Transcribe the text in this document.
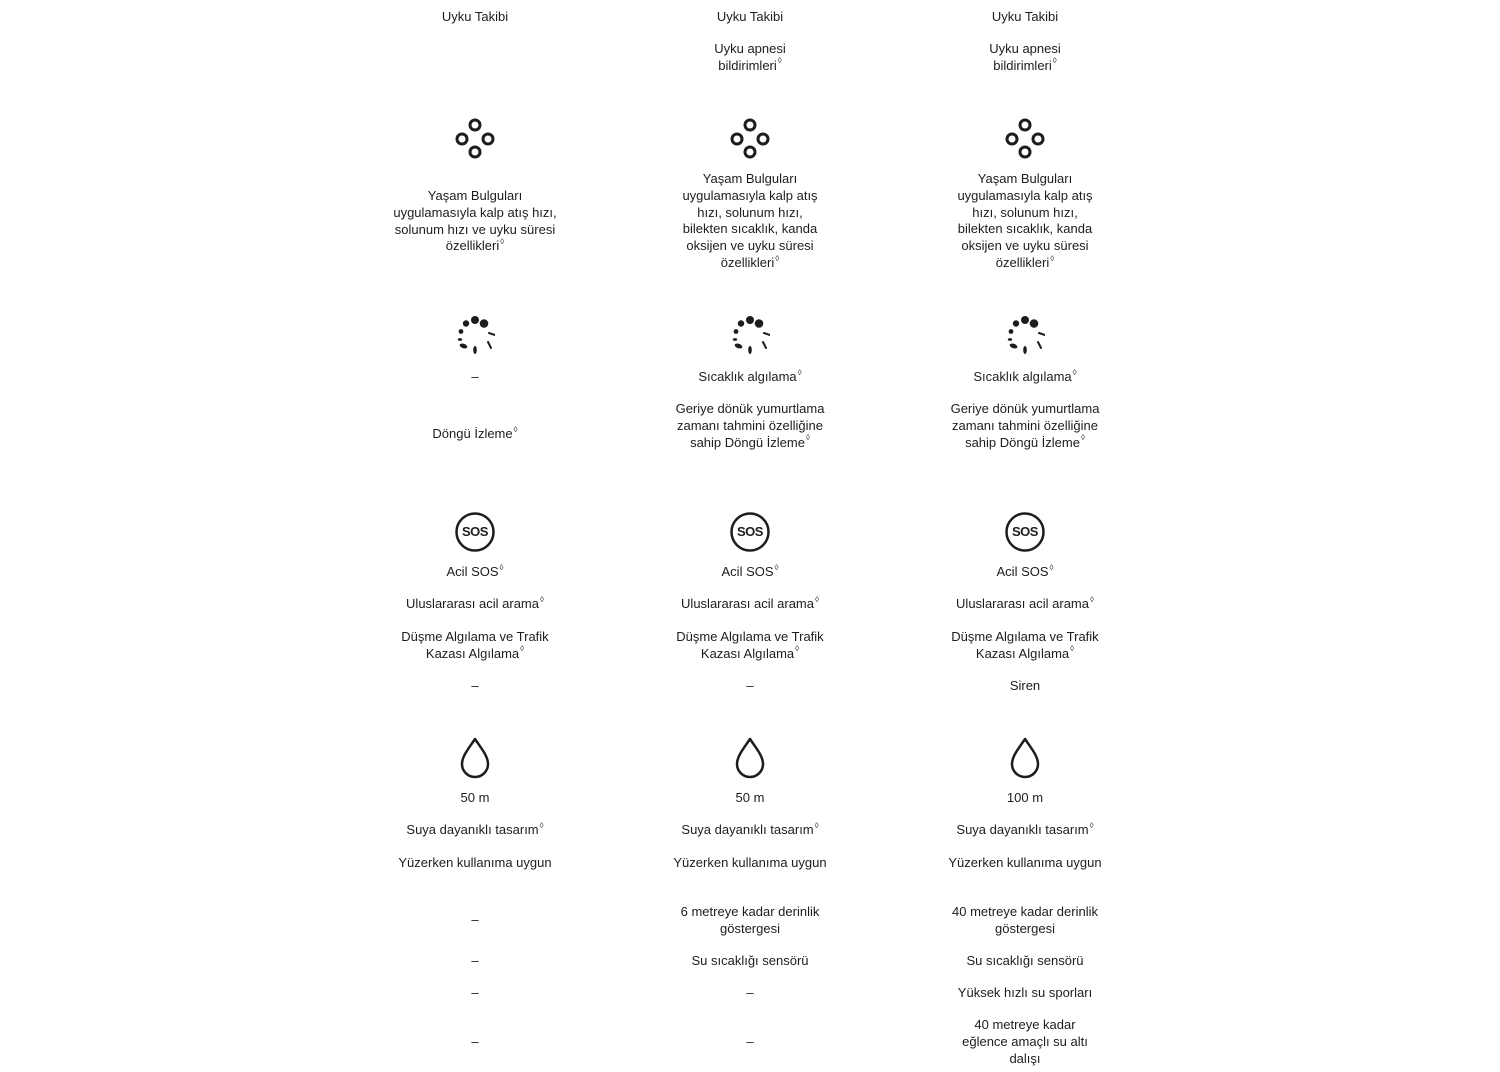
Uyku Takibi

Yaşam Bulguları uygulamasıyla kalp atış hızı, solunum hızı ve uyku süresi özellikleri◊

–

Döngü İzleme◊

SOS

Acil SOS◊

Uluslararası acil arama◊

Düşme Algılama ve Trafik Kazası Algılama◊

–

50 m

Suya dayanıklı tasarım◊

Yüzerken kullanıma uygun

–

–

–

–

Uyku Takibi

Uyku apnesi bildirimleri◊

Yaşam Bulguları uygulamasıyla kalp atış hızı, solunum hızı, bilekten sıcaklık, kanda oksijen ve uyku süresi özellikleri◊

Sıcaklık algılama◊

Geriye dönük yumurtlama zamanı tahmini özelliğine sahip Döngü İzleme◊

SOS

Acil SOS◊

Uluslararası acil arama◊

Düşme Algılama ve Trafik Kazası Algılama◊

–

50 m

Suya dayanıklı tasarım◊

Yüzerken kullanıma uygun

6 metreye kadar derinlik göstergesi

Su sıcaklığı sensörü

–

–

Uyku Takibi

Uyku apnesi bildirimleri◊

Yaşam Bulguları uygulamasıyla kalp atış hızı, solunum hızı, bilekten sıcaklık, kanda oksijen ve uyku süresi özellikleri◊

Sıcaklık algılama◊

Geriye dönük yumurtlama zamanı tahmini özelliğine sahip Döngü İzleme◊

SOS

Acil SOS◊

Uluslararası acil arama◊

Düşme Algılama ve Trafik Kazası Algılama◊

Siren

100 m

Suya dayanıklı tasarım◊

Yüzerken kullanıma uygun

40 metreye kadar derinlik göstergesi

Su sıcaklığı sensörü

Yüksek hızlı su sporları

40 metreye kadar eğlence amaçlı su altı dalışı
